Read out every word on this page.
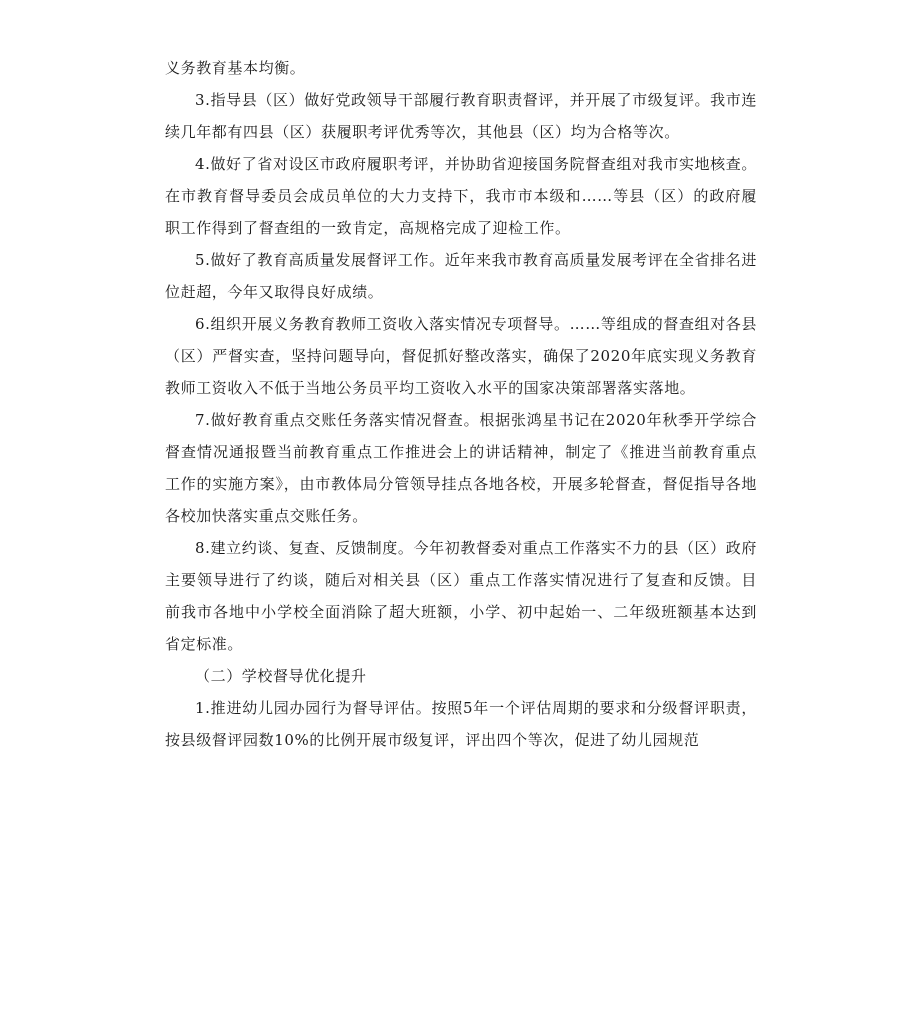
义务教育基本均衡。

3.指导县（区）做好党政领导干部履行教育职责督评，并开展了市级复评。我市连续几年都有四县（区）获履职考评优秀等次，其他县（区）均为合格等次。

4.做好了省对设区市政府履职考评，并协助省迎接国务院督查组对我市实地核查。在市教育督导委员会成员单位的大力支持下，我市市本级和……等县（区）的政府履职工作得到了督查组的一致肯定，高规格完成了迎检工作。

5.做好了教育高质量发展督评工作。近年来我市教育高质量发展考评在全省排名进位赶超，今年又取得良好成绩。

6.组织开展义务教育教师工资收入落实情况专项督导。……等组成的督查组对各县（区）严督实查，坚持问题导向，督促抓好整改落实，确保了2020年底实现义务教育教师工资收入不低于当地公务员平均工资收入水平的国家决策部署落实落地。

7.做好教育重点交账任务落实情况督查。根据张鸿星书记在2020年秋季开学综合督查情况通报暨当前教育重点工作推进会上的讲话精神，制定了《推进当前教育重点工作的实施方案》，由市教体局分管领导挂点各地各校，开展多轮督查，督促指导各地各校加快落实重点交账任务。

8.建立约谈、复查、反馈制度。今年初教督委对重点工作落实不力的县（区）政府主要领导进行了约谈，随后对相关县（区）重点工作落实情况进行了复查和反馈。目前我市各地中小学校全面消除了超大班额，小学、初中起始一、二年级班额基本达到省定标准。

（二）学校督导优化提升

1.推进幼儿园办园行为督导评估。按照5年一个评估周期的要求和分级督评职责，按县级督评园数10%的比例开展市级复评，评出四个等次，促进了幼儿园规范
